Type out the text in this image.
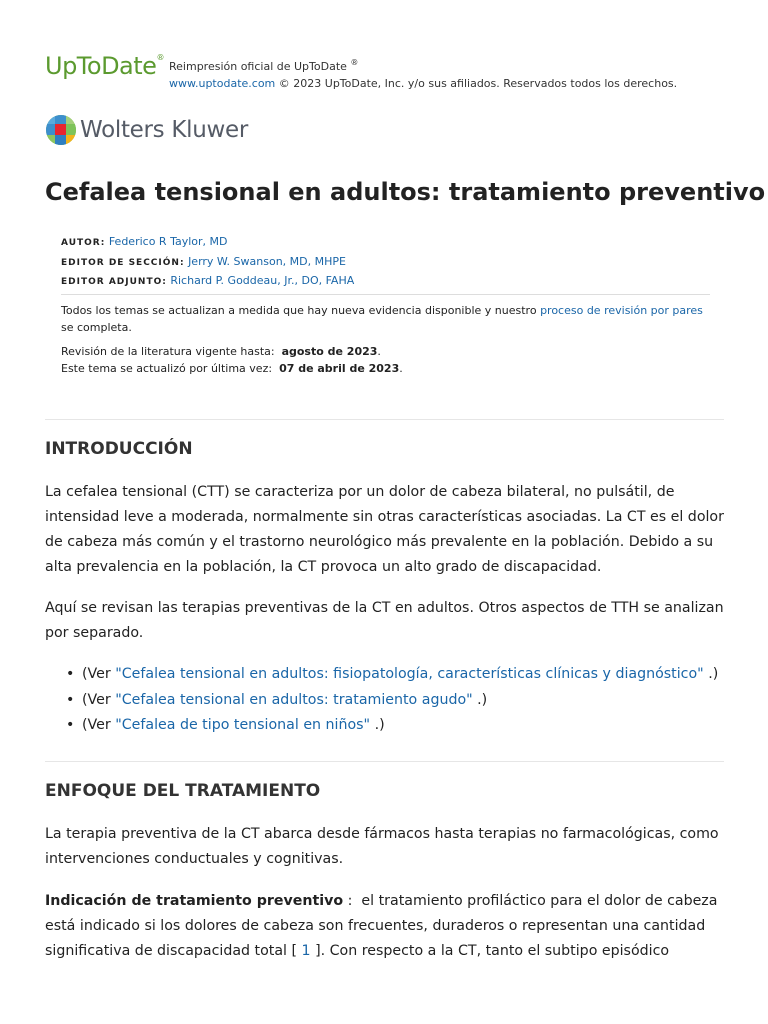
UpToDate®
Reimpresión oficial de UpToDate ®
www.uptodate.com © 2023 UpToDate, Inc. y/o sus afiliados. Reservados todos los derechos.
Wolters Kluwer
Cefalea tensional en adultos: tratamiento preventivo
AUTOR: Federico R Taylor, MD
EDITOR DE SECCIÓN: Jerry W. Swanson, MD, MHPE
EDITOR ADJUNTO: Richard P. Goddeau, Jr., DO, FAHA

Todos los temas se actualizan a medida que hay nueva evidencia disponible y nuestro proceso de revisión por pares se completa.

Revisión de la literatura vigente hasta: agosto de 2023.
Este tema se actualizó por última vez: 07 de abril de 2023.

INTRODUCCIÓN

La cefalea tensional (CTT) se caracteriza por un dolor de cabeza bilateral, no pulsátil, de intensidad leve a moderada, normalmente sin otras características asociadas. La CT es el dolor de cabeza más común y el trastorno neurológico más prevalente en la población. Debido a su alta prevalencia en la población, la CT provoca un alto grado de discapacidad.

Aquí se revisan las terapias preventivas de la CT en adultos. Otros aspectos de TTH se analizan por separado.

• (Ver "Cefalea tensional en adultos: fisiopatología, características clínicas y diagnóstico" .)
• (Ver "Cefalea tensional en adultos: tratamiento agudo" .)
• (Ver "Cefalea de tipo tensional en niños" .)
ENFOQUE DEL TRATAMIENTO

La terapia preventiva de la CT abarca desde fármacos hasta terapias no farmacológicas, como intervenciones conductuales y cognitivas.

Indicación de tratamiento preventivo :  el tratamiento profiláctico para el dolor de cabeza está indicado si los dolores de cabeza son frecuentes, duraderos o representan una cantidad significativa de discapacidad total [ 1 ]. Con respecto a la CT, tanto el subtipo episódico
